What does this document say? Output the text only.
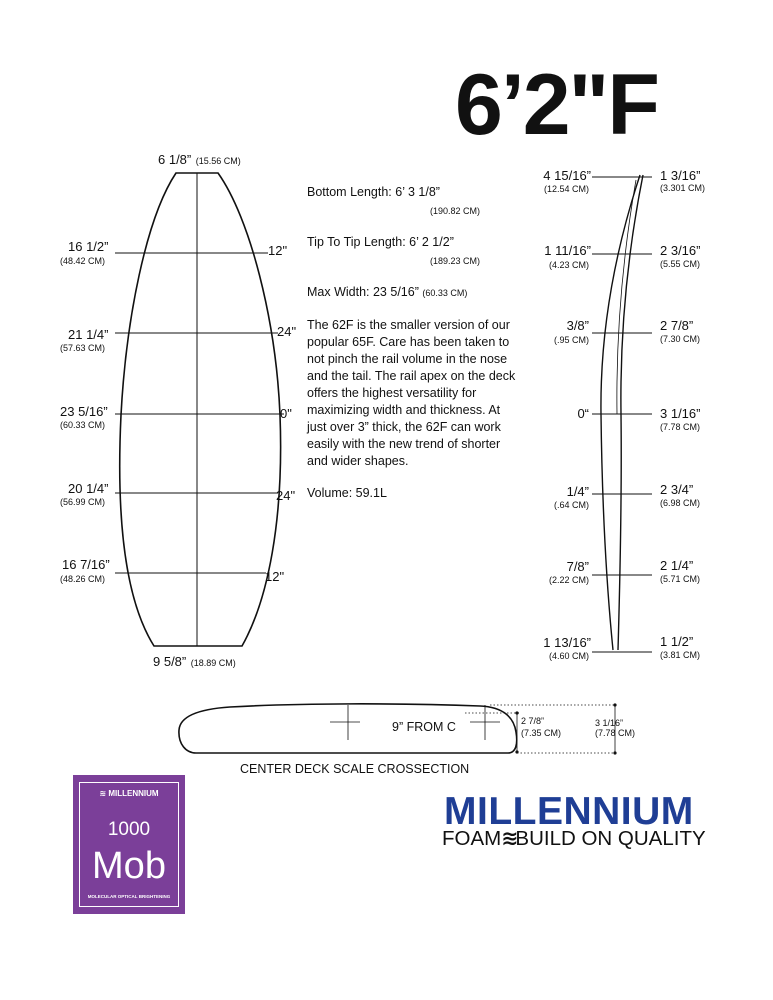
6’2"F
6 1/8” (15.56 CM)
9 5/8” (18.89 CM)
16 1/2”
(48.42 CM)
12"
21 1/4”
(57.63 CM)
24"
23 5/16”
(60.33 CM)
0"
20 1/4”
(56.99 CM)	24"
16 7/16”
(48.26 CM)	12"

Bottom Length: 6’ 3 1/8”

(190.82 CM)

Tip To Tip Length: 6’ 2 1/2”

(189.23 CM)

Max Width: 23 5/16” (60.33 CM)

The 62F is the smaller version of our popular 65F. Care has been taken to not pinch the rail volume in the nose and the tail. The rail apex on the deck offers the highest versatility for maximizing width and thickness. At just over 3” thick, the 62F can work easily with the new trend of shorter and wider shapes.

Volume: 59.1L

4 15/16”
(12.54 CM)
1 11/16”
(4.23 CM)
3/8”
(.95 CM)
0“
1/4”
(.64 CM)
7/8”
(2.22 CM)
1 13/16”
(4.60 CM)
1 3/16”
(3.301 CM)
2 3/16”
(5.55 CM)
2 7/8”
(7.30 CM)
3 1/16”
(7.78 CM)
2 3/4”
(6.98 CM)
2 1/4”
(5.71 CM)
1 1/2”
(3.81 CM)
9” FROM C	2 7/8”
(7.35 CM)
3 1/16”
(7.78 CM)
CENTER DECK SCALE CROSSECTION
≋ MILLENNIUM
1000
Mob
MOLECULAR OPTICAL BRIGHTENING
MILLENNIUM
FOAM≋BUILD ON QUALITY
